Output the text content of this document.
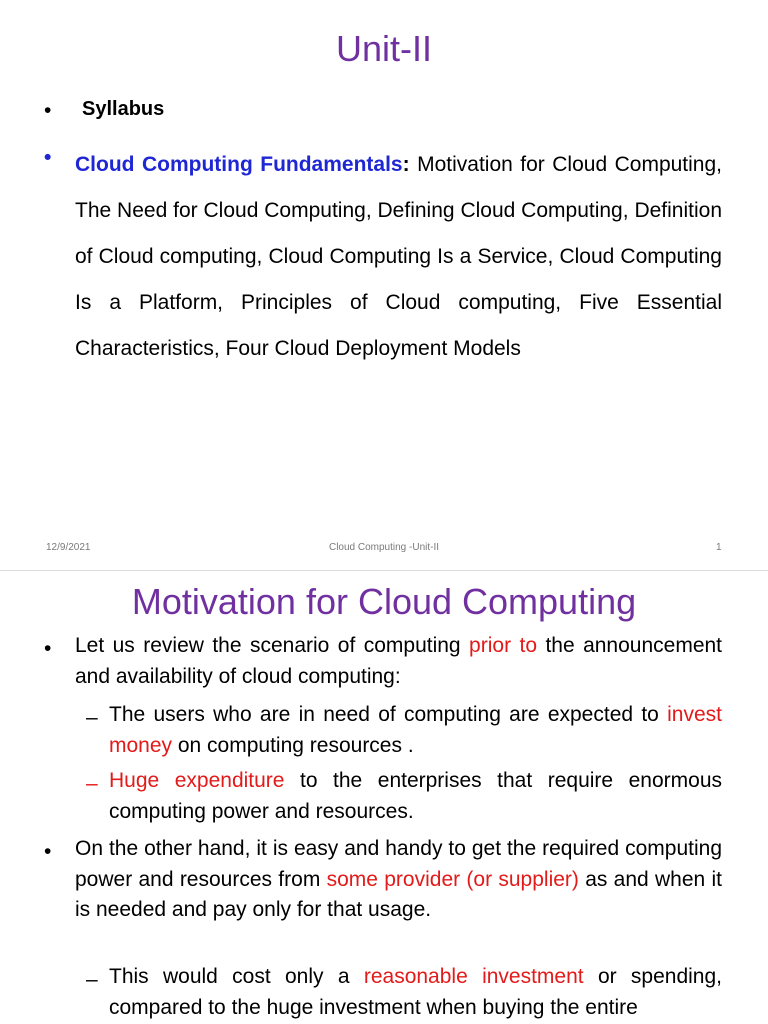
Unit-II
• Syllabus
• Cloud Computing Fundamentals: Motivation for Cloud Computing, The Need for Cloud Computing, Defining Cloud Computing, Definition of Cloud computing, Cloud Computing Is a Service, Cloud Computing Is a Platform, Principles of Cloud computing, Five Essential Characteristics, Four Cloud Deployment Models
12/9/2021	Cloud Computing -Unit-II	1
Motivation for Cloud Computing
• Let us review the scenario of computing prior to the announcement and availability of cloud computing:
– The users who are in need of computing are expected to invest money on computing resources .
– Huge expenditure to the enterprises that require enormous computing power and resources.
• On the other hand, it is easy and handy to get the required computing power and resources from some provider (or supplier) as and when it is needed and pay only for that usage.
– This would cost only a reasonable investment or spending, compared to the huge investment when buying the entire
